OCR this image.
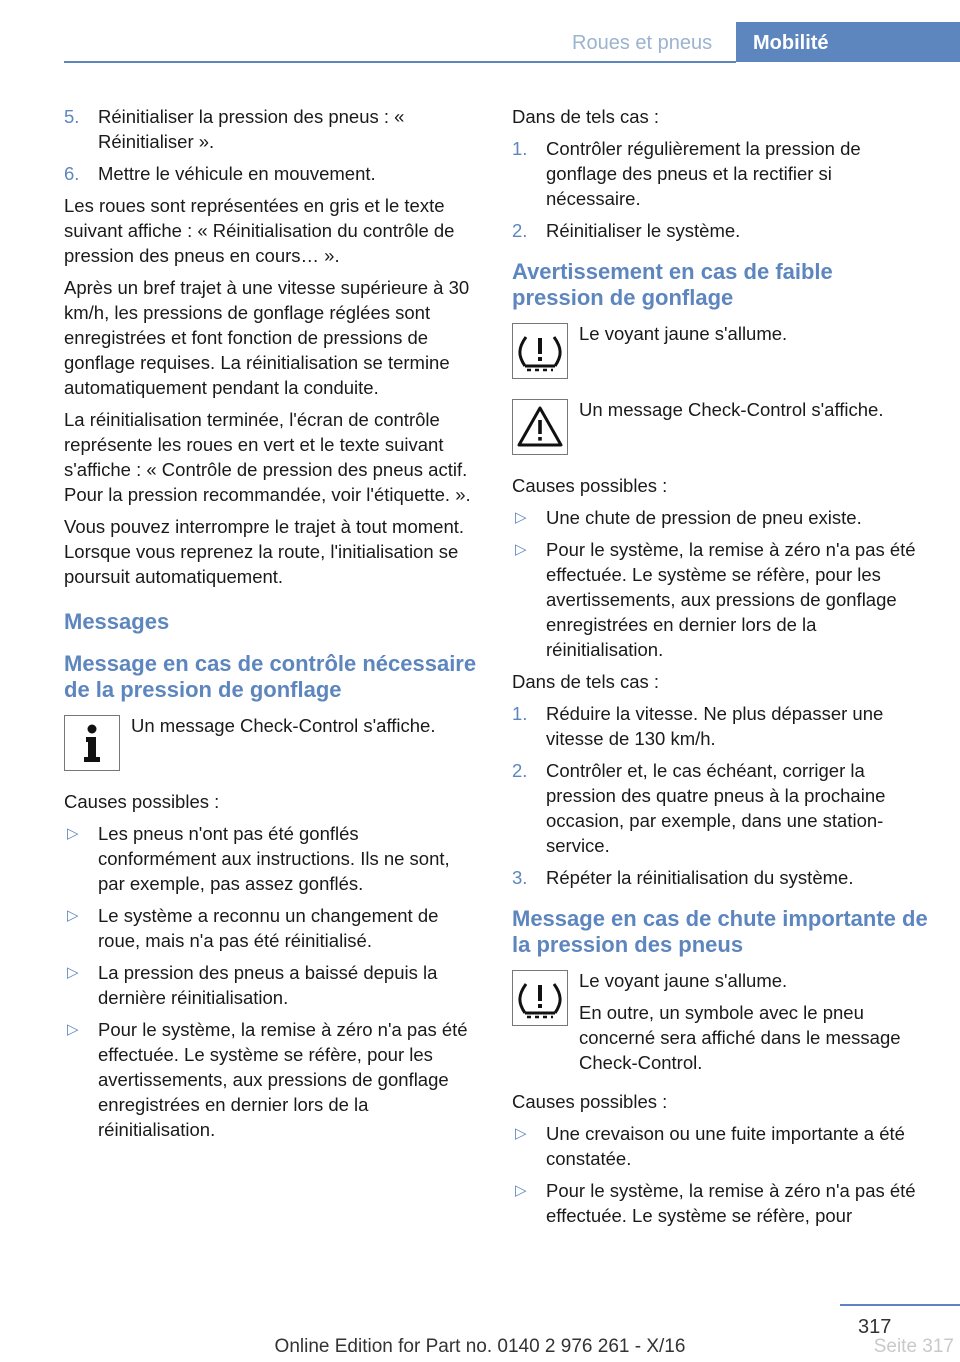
Roues et pneus	Mobilité
5. Réinitialiser la pression des pneus : « Réinitialiser ».
6. Mettre le véhicule en mouvement.

Les roues sont représentées en gris et le texte suivant affiche : « Réinitialisation du contrôle de pression des pneus en cours… ».

Après un bref trajet à une vitesse supérieure à 30 km/h, les pressions de gonflage réglées sont enregistrées et font fonction de pressions de gonflage requises. La réinitialisation se termine automatiquement pendant la conduite.

La réinitialisation terminée, l'écran de contrôle représente les roues en vert et le texte suivant s'affiche : « Contrôle de pression des pneus actif. Pour la pression recommandée, voir l'étiquette. ».

Vous pouvez interrompre le trajet à tout moment. Lorsque vous reprenez la route, l'initialisation se poursuit automatiquement.

Messages
Message en cas de contrôle nécessaire de la pression de gonflage

Un message Check-Control s'affiche.

Causes possibles :

▷ Les pneus n'ont pas été gonflés conformément aux instructions. Ils ne sont, par exemple, pas assez gonflés.
▷ Le système a reconnu un changement de roue, mais n'a pas été réinitialisé.
▷ La pression des pneus a baissé depuis la dernière réinitialisation.
▷ Pour le système, la remise à zéro n'a pas été effectuée. Le système se réfère, pour les avertissements, aux pressions de gonflage enregistrées en dernier lors de la réinitialisation.

Dans de tels cas :

1. Contrôler régulièrement la pression de gonflage des pneus et la rectifier si nécessaire.
2. Réinitialiser le système.
Avertissement en cas de faible pression de gonflage

Le voyant jaune s'allume.

Un message Check-Control s'affiche.

Causes possibles :

▷ Une chute de pression de pneu existe.
▷ Pour le système, la remise à zéro n'a pas été effectuée. Le système se réfère, pour les avertissements, aux pressions de gonflage enregistrées en dernier lors de la réinitialisation.

Dans de tels cas :

1. Réduire la vitesse. Ne plus dépasser une vitesse de 130 km/h.
2. Contrôler et, le cas échéant, corriger la pression des quatre pneus à la prochaine occasion, par exemple, dans une station-service.
3. Répéter la réinitialisation du système.
Message en cas de chute importante de la pression des pneus

Le voyant jaune s'allume.

En outre, un symbole avec le pneu concerné sera affiché dans le message Check-Control.

Causes possibles :

▷ Une crevaison ou une fuite importante a été constatée.
▷ Pour le système, la remise à zéro n'a pas été effectuée. Le système se réfère, pour
317
Online Edition for Part no. 0140 2 976 261 - X/16	Seite 317
